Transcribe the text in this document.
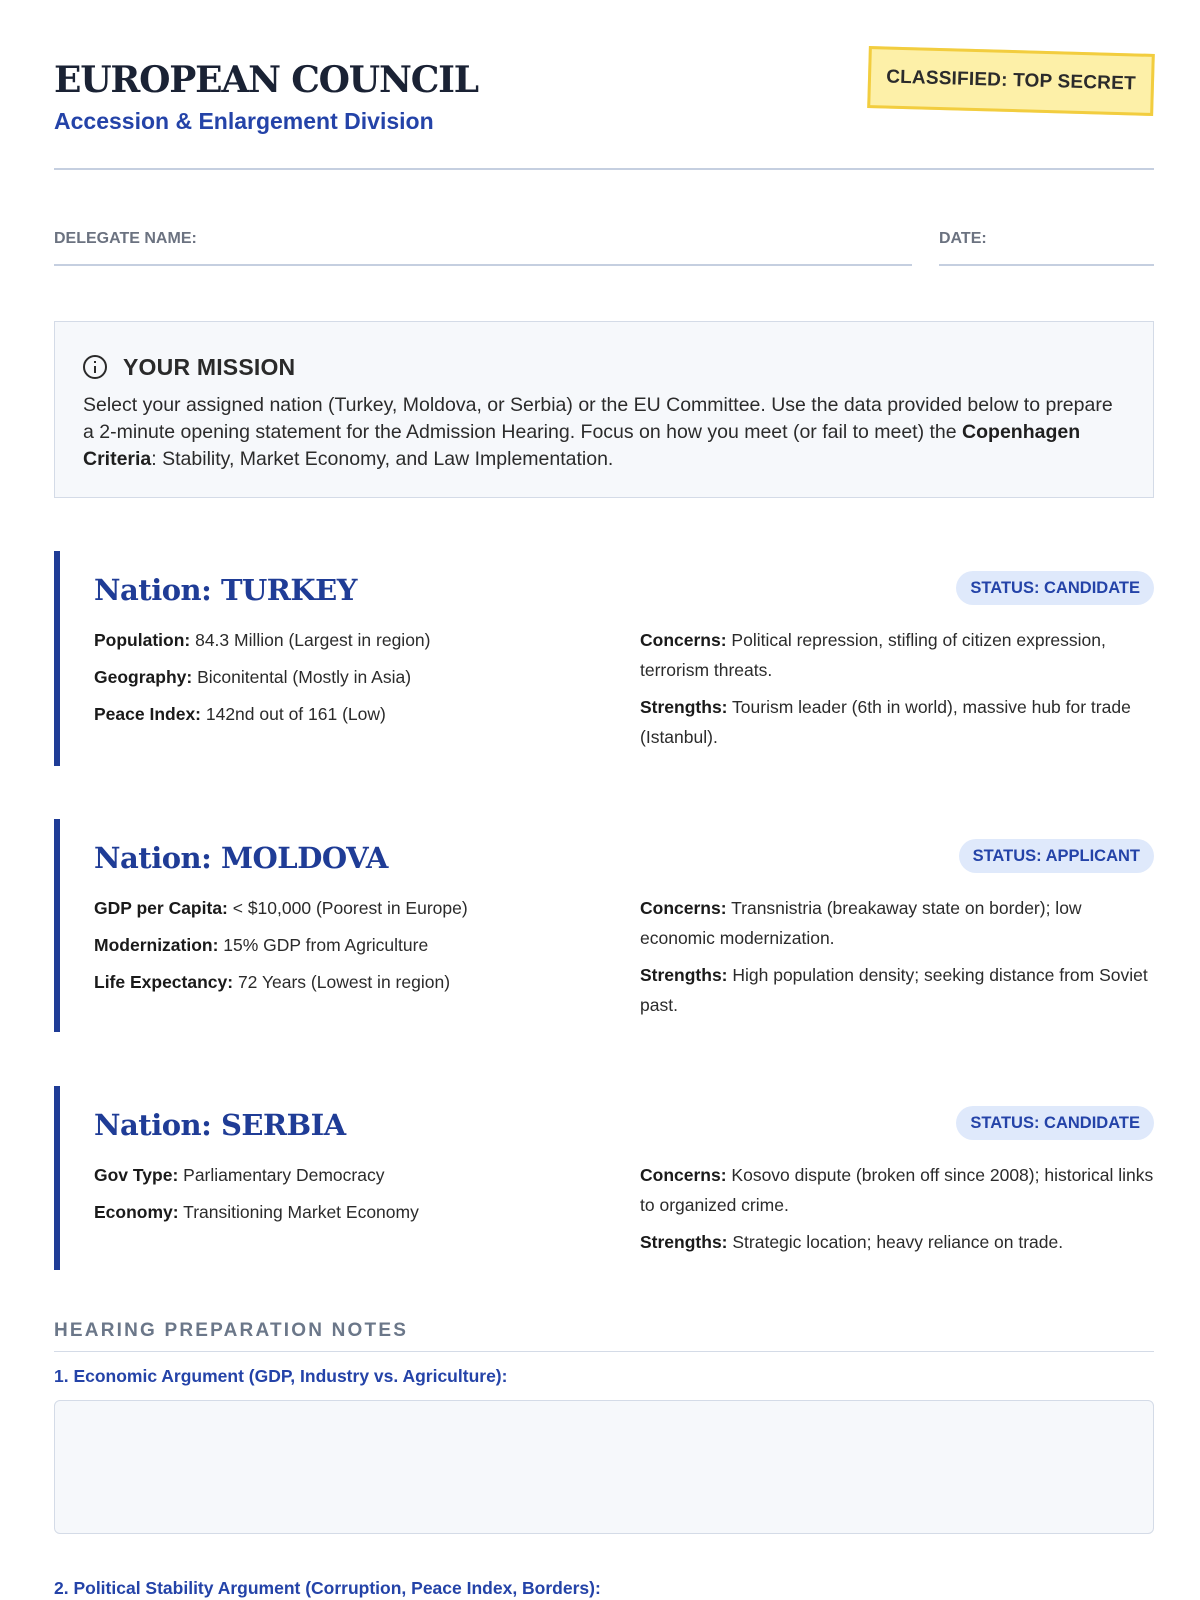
EUROPEAN COUNCIL
Accession & Enlargement Division
CLASSIFIED: TOP SECRET
DELEGATE NAME:	DATE:
YOUR MISSION

Select your assigned nation (Turkey, Moldova, or Serbia) or the EU Committee. Use the data provided below to prepare a 2-minute opening statement for the Admission Hearing. Focus on how you meet (or fail to meet) the Copenhagen Criteria: Stability, Market Economy, and Law Implementation.

Nation: TURKEY	STATUS: CANDIDATE
Population: 84.3 Million (Largest in region)
Geography: Biconitental (Mostly in Asia)
Peace Index: 142nd out of 161 (Low)
Concerns: Political repression, stifling of citizen expression, terrorism threats.
Strengths: Tourism leader (6th in world), massive hub for trade (Istanbul).
Nation: MOLDOVA	STATUS: APPLICANT
GDP per Capita: < $10,000 (Poorest in Europe)
Modernization: 15% GDP from Agriculture
Life Expectancy: 72 Years (Lowest in region)
Concerns: Transnistria (breakaway state on border); low economic modernization.
Strengths: High population density; seeking distance from Soviet past.
Nation: SERBIA	STATUS: CANDIDATE
Gov Type: Parliamentary Democracy
Economy: Transitioning Market Economy
Concerns: Kosovo dispute (broken off since 2008); historical links to organized crime.
Strengths: Strategic location; heavy reliance on trade.
HEARING PREPARATION NOTES
1. Economic Argument (GDP, Industry vs. Agriculture):
2. Political Stability Argument (Corruption, Peace Index, Borders):
